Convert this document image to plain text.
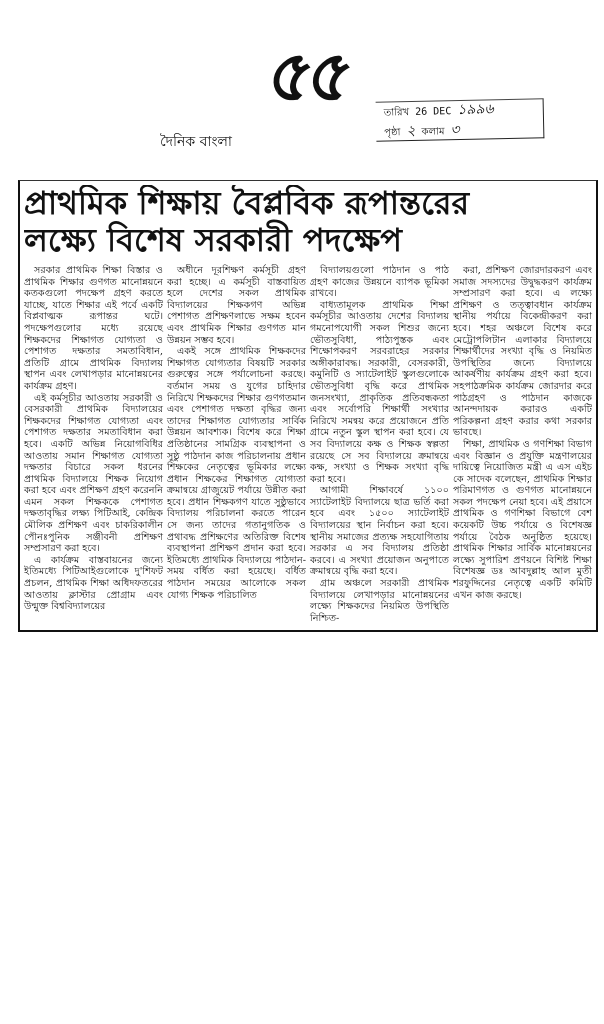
৫৫
দৈনিক বাংলা
তারিখ 26 DEC ১৯৯৬
পৃষ্ঠা ২ কলাম ৩
প্রাথমিক শিক্ষায় বৈপ্লবিক রূপান্তরের
লক্ষ্যে বিশেষ সরকারী পদক্ষেপ

সরকার প্রাথমিক শিক্ষা বিস্তার ও প্রাথমিক শিক্ষার গুণগত মানোন্নয়নে কতকগুলো পদক্ষেপ গ্রহণ করতে যাচ্ছে, যাতে শিক্ষার এই পর্বে একটি বিপ্লবাত্মক রূপান্তর ঘটে। পদক্ষেপগুলোর মধ্যে রয়েছে শিক্ষকদের শিক্ষাগত যোগ্যতা ও পেশাগত দক্ষতার সমতাবিধান, প্রতিটি গ্রামে প্রাথমিক বিদ্যালয় স্থাপন এবং লেখাপড়ার মানোন্নয়নের কার্যক্রম গ্রহণ।

এই কর্মসূচীর আওতায় সরকারী ও বেসরকারী প্রাথমিক বিদ্যালয়ের শিক্ষকদের শিক্ষাগত যোগ্যতা এবং পেশাগত দক্ষতার সমতাবিধান করা হবে। একটি অভিন্ন নিয়োগবিধির আওতায় সমান শিক্ষাগত যোগ্যতা দক্ষতার বিচারে সকল ধরনের প্রাথমিক বিদ্যালয়ে শিক্ষক নিয়োগ করা হবে এবং প্রশিক্ষণ গ্রহণ করেননি এমন সকল শিক্ষককে পেশাগত দক্ষতাবৃদ্ধির লক্ষ্য পিটিআই, কেন্দ্রিক মৌলিক প্রশিক্ষণ এবং চাকরিকালীন পৌনঃপুনিক সঞ্জীবনী প্রশিক্ষণ সম্প্রসারণ করা হবে।

এ কার্যক্রম বাস্তবায়নের জন্যে ইতিমধ্যে পিটিআইগুলোকে দু'শিফট প্রচলন, প্রাথমিক শিক্ষা অধিদফতরের আওতায় ক্লাস্টার প্রোগ্রাম এবং উন্মুক্ত বিশ্ববিদ্যালয়ের

অধীনে দূরশিক্ষণ কর্মসূচী গ্রহণ করা হচ্ছে। এ কর্মসূচী বাস্তবায়িত হলে দেশের সকল প্রাথমিক বিদ্যালয়ের শিক্ষকগণ অভিন্ন পেশাগত প্রশিক্ষণলাভে সক্ষম হবেন এবং প্রাথমিক শিক্ষার গুণগত মান উন্নয়ন সম্ভব হবে।

একই সঙ্গে প্রাথমিক শিক্ষকদের শিক্ষাগত যোগ্যতার বিষয়টি সরকার গুরুত্বের সঙ্গে পর্যালোচনা করছে। বর্তমান সময় ও যুগের চাহিদার নিরিখে শিক্ষকদের শিক্ষার গুণগতমান এবং পেশাগত দক্ষতা বৃদ্ধির জন্য তাদের শিক্ষাগত যোগ্যতার সার্বিক উন্নয়ন আবশ্যক। বিশেষ করে শিক্ষা প্রতিষ্ঠানের সামগ্রিক ব্যবস্থাপনা ও সুষ্ঠু পাঠদান কাজ পরিচালনায় প্রধান শিক্ষকের নেতৃত্বের ভূমিকার লক্ষ্যে প্রধান শিক্ষকের শিক্ষাগত যোগ্যতা ক্রমান্বয়ে গ্রাজুয়েট পর্যায়ে উন্নীত করা হবে। প্রধান শিক্ষকগণ যাতে সুষ্ঠুভাবে বিদ্যালয় পরিচালনা করতে পারেন সে জন্য তাদের গতানুগতিক ও প্রথাবদ্ধ প্রশিক্ষণের অতিরিক্ত বিশেষ ব্যবস্থাপনা প্রশিক্ষণ প্রদান করা হবে। ইতিমধ্যে প্রাথমিক বিদ্যালয়ে পাঠদান-সময় বর্ধিত করা হয়েছে। বর্ধিত পাঠদান সময়ের আলোকে সকল যোগ্য শিক্ষক পরিচালিত

বিদ্যালয়গুলো পাঠদান ও পাঠ গ্রহণ কাজের উন্নয়নে ব্যাপক ভূমিকা রাখবে।

বাধ্যতামূলক প্রাথমিক শিক্ষা কর্মসূচীর আওতায় দেশের বিদ্যালয় গমনোপযোগী সকল শিশুর জন্যে ভৌতসুবিধা, পাঠ্যপুস্তক এবং শিক্ষোপকরণ সরবরাহের সরকার অঙ্গীকারাবদ্ধ। সরকারী, বেসরকারী, কমুনিটি ও স্যাটেলাইট স্কুলগুলোকে ভৌতসুবিধা বৃদ্ধি করে প্রাথমিক জনসংখ্যা, প্রাকৃতিক প্রতিবন্ধকতা এবং সর্বোপরি শিক্ষার্থী সংখ্যার নিরিখে সমন্বয় করে প্রয়োজনে প্রতি গ্রামে নতুন স্কুল স্থাপন করা হবে। যে সব বিদ্যালয়ে কক্ষ ও শিক্ষক স্বল্পতা রয়েছে সে সব বিদ্যালয়ে ক্রমান্বয়ে কক্ষ, সংখ্যা ও শিক্ষক সংখ্যা বৃদ্ধি করা হবে।

আগামী শিক্ষাবর্ষে ১১০০ স্যাটেলাইট বিদ্যালয়ে ছাত্র ভর্তি করা হবে এবং ১৫০০ স্যাটেলাইট বিদ্যালয়ের স্থান নির্বাচন করা হবে। স্থানীয় সমাজের প্রত্যক্ষ সহযোগিতায় সরকার এ সব বিদ্যালয় প্রতিষ্ঠা করবে। এ সংখ্যা প্রয়োজন অনুপাতে ক্রমান্বয়ে বৃদ্ধি করা হবে।

গ্রাম অঞ্চলে সরকারী প্রাথমিক বিদ্যালয়ে লেখাপড়ার মানোন্নয়নের লক্ষ্যে শিক্ষকদের নিয়মিত উপস্থিতি নিশ্চিত-

করা, প্রশিক্ষণ জোরদারকরণ এবং সমাজ সদস্যদের উদ্বুদ্ধকরণ কার্যক্রম সম্প্রসারণ করা হবে। এ লক্ষ্যে প্রশিক্ষণ ও তত্ত্বাবধান কার্যক্রম স্থানীয় পর্যায়ে বিকেন্দ্রীকরণ করা হবে। শহর অঞ্চলে বিশেষ করে মেট্রোপলিটান এলাকার বিদ্যালয়ে শিক্ষার্থীদের সংখ্যা বৃদ্ধি ও নিয়মিত উপস্থিতির জন্যে বিদ্যালয়ে আকর্ষণীয় কার্যক্রম গ্রহণ করা হবে। সহপাঠক্রমিক কার্যক্রম জোরদার করে পাঠগ্রহণ ও পাঠদান কাজকে আনন্দদায়ক করারও একটি পরিকল্পনা গ্রহণ করার কথা সরকার ভাবছে।

শিক্ষা, প্রাথমিক ও গণশিক্ষা বিভাগ এবং বিজ্ঞান ও প্রযুক্তি মন্ত্রণালয়ের দায়িত্বে নিয়োজিত মন্ত্রী এ এস এইচ কে সাদেক বলেছেন, প্রাথমিক শিক্ষার পরিমাণগত ও গুণগত মানোন্নয়নে সকল পদক্ষেপ নেয়া হবে। এই প্রয়াসে প্রাথমিক ও গণশিক্ষা বিভাগে বেশ কয়েকটি উচ্চ পর্যায়ে ও বিশেষজ্ঞ পর্যায়ে বৈঠক অনুষ্ঠিত হয়েছে। প্রাথমিক শিক্ষার সার্বিক মানোন্নয়নের লক্ষ্যে সুপারিশ প্রণয়নে বিশিষ্ট শিক্ষা বিশেষজ্ঞ ডঃ আবদুল্লাহ আল মুতী শরফুদ্দিনের নেতৃত্বে একটি কমিটি এখন কাজ করছে।
